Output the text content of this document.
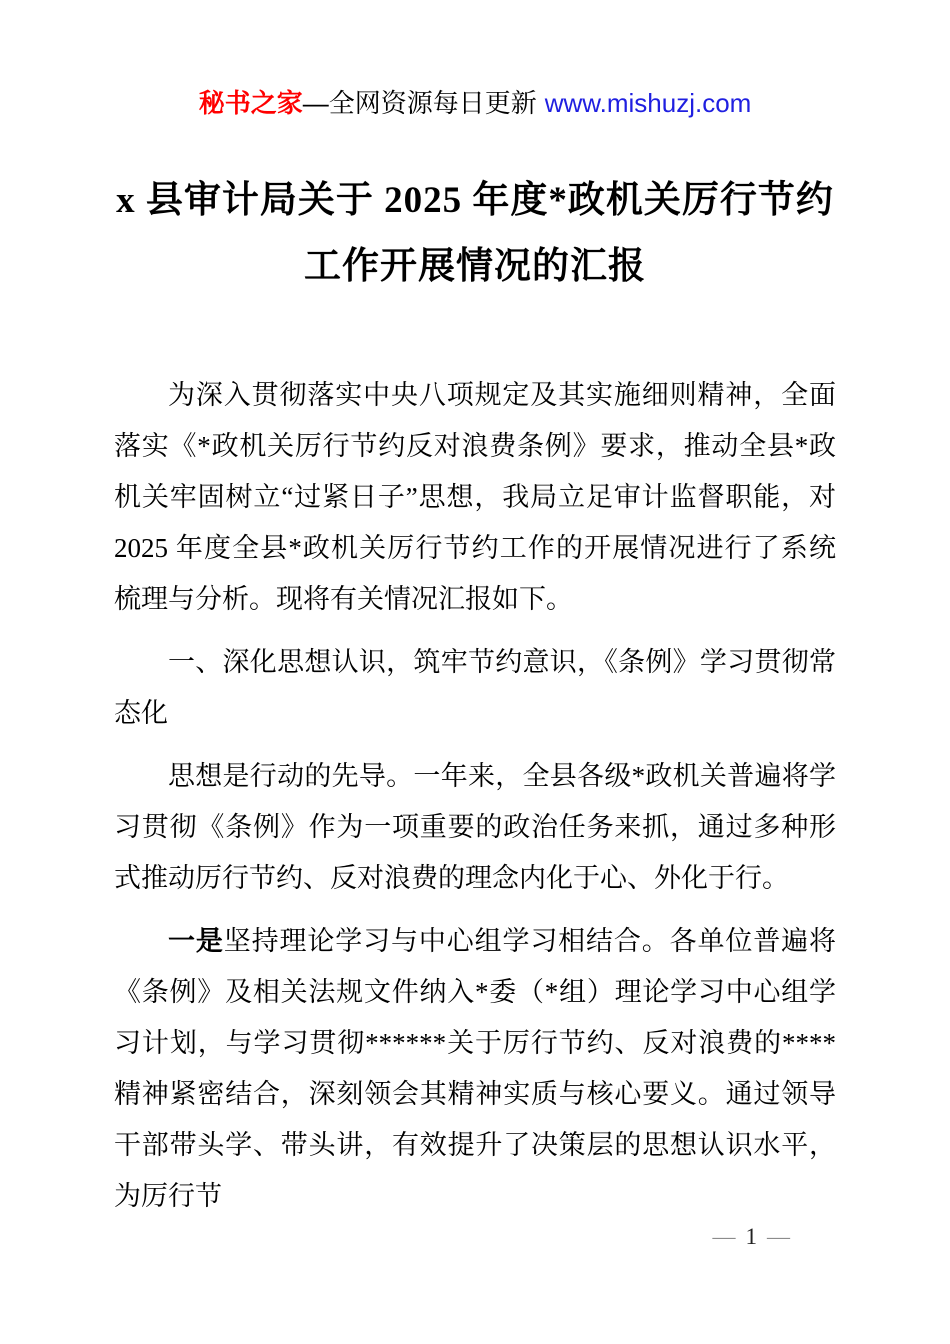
秘书之家—全网资源每日更新 www.mishuzj.com
x 县审计局关于 2025 年度*政机关厉行节约
工作开展情况的汇报

为深入贯彻落实中央八项规定及其实施细则精神，全面落实《*政机关厉行节约反对浪费条例》要求，推动全县*政机关牢固树立“过紧日子”思想，我局立足审计监督职能，对 2025 年度全县*政机关厉行节约工作的开展情况进行了系统梳理与分析。现将有关情况汇报如下。

一、深化思想认识，筑牢节约意识，《条例》学习贯彻常态化

思想是行动的先导。一年来，全县各级*政机关普遍将学习贯彻《条例》作为一项重要的政治任务来抓，通过多种形式推动厉行节约、反对浪费的理念内化于心、外化于行。

一是坚持理论学习与中心组学习相结合。各单位普遍将《条例》及相关法规文件纳入*委（*组）理论学习中心组学习计划，与学习贯彻******关于厉行节约、反对浪费的****精神紧密结合，深刻领会其精神实质与核心要义。通过领导干部带头学、带头讲，有效提升了决策层的思想认识水平，为厉行节

— 1 —
